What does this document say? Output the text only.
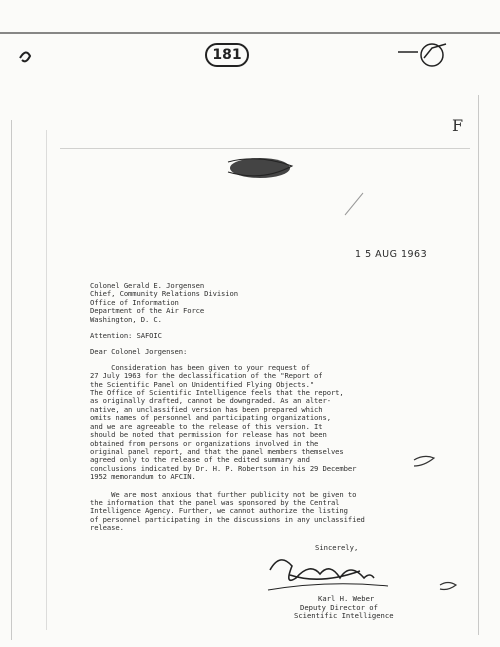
181
F
1 5 AUG 1963
Colonel Gerald E. Jorgensen
Chief, Community Relations Division
Office of Information
Department of the Air Force
Washington, D. C.
Attention: SAFOIC
Dear Colonel Jorgensen:
Consideration has been given to your request of
27 July 1963 for the declassification of the "Report of
the Scientific Panel on Unidentified Flying Objects."
The Office of Scientific Intelligence feels that the report,
as originally drafted, cannot be downgraded. As an alter-
native, an unclassified version has been prepared which
omits names of personnel and participating organizations,
and we are agreeable to the release of this version. It
should be noted that permission for release has not been
obtained from persons or organizations involved in the
original panel report, and that the panel members themselves
agreed only to the release of the edited summary and
conclusions indicated by Dr. H. P. Robertson in his 29 December
1952 memorandum to AFCIN.
We are most anxious that further publicity not be given to
the information that the panel was sponsored by the Central
Intelligence Agency. Further, we cannot authorize the listing
of personnel participating in the discussions in any unclassified
release.
Sincerely,
Karl H. Weber
Deputy Director of
Scientific Intelligence
